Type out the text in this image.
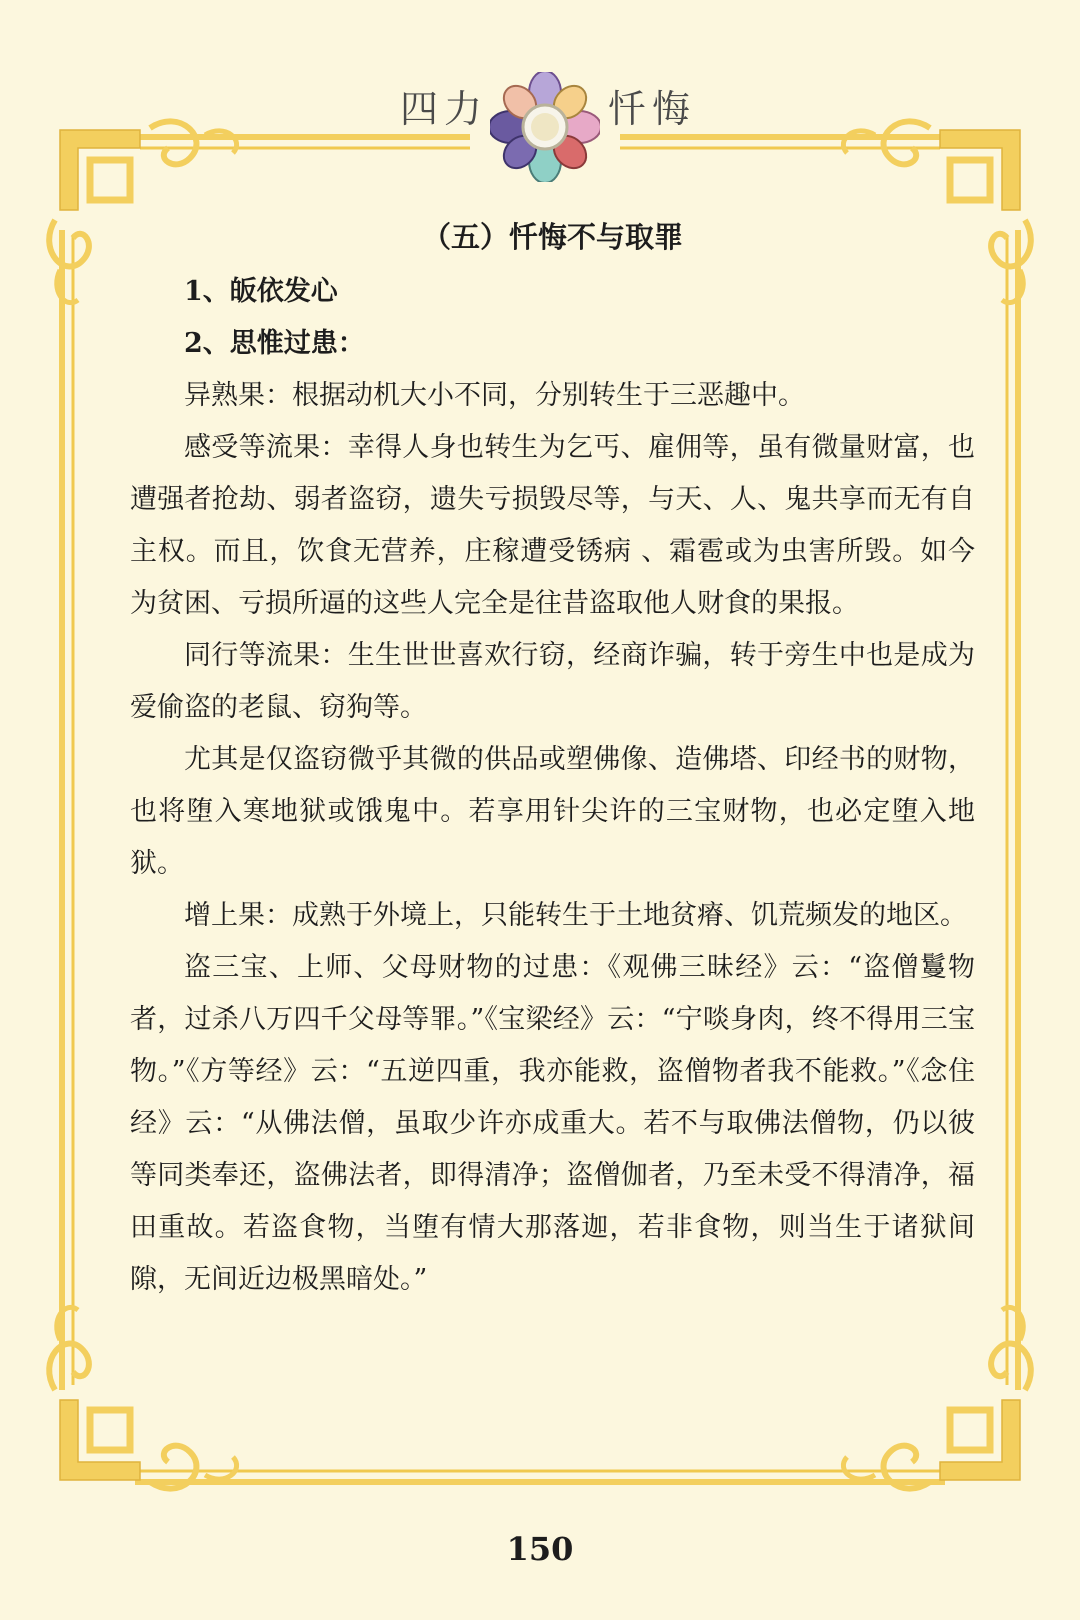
四力	忏悔
（五）忏悔不与取罪
1、皈依发心
2、思惟过患：

异熟果：根据动机大小不同，分别转生于三恶趣中。

感受等流果：幸得人身也转生为乞丐、雇佣等，虽有微量财富，也遭强者抢劫、弱者盗窃，遗失亏损毁尽等，与天、人、鬼共享而无有自主权。而且，饮食无营养，庄稼遭受锈病 、霜雹或为虫害所毁。如今为贫困、亏损所逼的这些人完全是往昔盗取他人财食的果报。

同行等流果：生生世世喜欢行窃，经商诈骗，转于旁生中也是成为爱偷盗的老鼠、窃狗等。

尤其是仅盗窃微乎其微的供品或塑佛像、造佛塔、印经书的财物，也将堕入寒地狱或饿鬼中。若享用针尖许的三宝财物，也必定堕入地狱。

增上果：成熟于外境上，只能转生于土地贫瘠、饥荒频发的地区。

盗三宝、上师、父母财物的过患：《观佛三昧经》云：“盗僧鬘物者，过杀八万四千父母等罪。”《宝梁经》云：“宁啖身肉，终不得用三宝物。”《方等经》云：“五逆四重，我亦能救，盗僧物者我不能救。”《念住经》云：“从佛法僧，虽取少许亦成重大。若不与取佛法僧物，仍以彼等同类奉还，盗佛法者，即得清净；盗僧伽者，乃至未受不得清净，福田重故。若盗食物，当堕有情大那落迦，若非食物，则当生于诸狱间隙，无间近边极黑暗处。”

150
